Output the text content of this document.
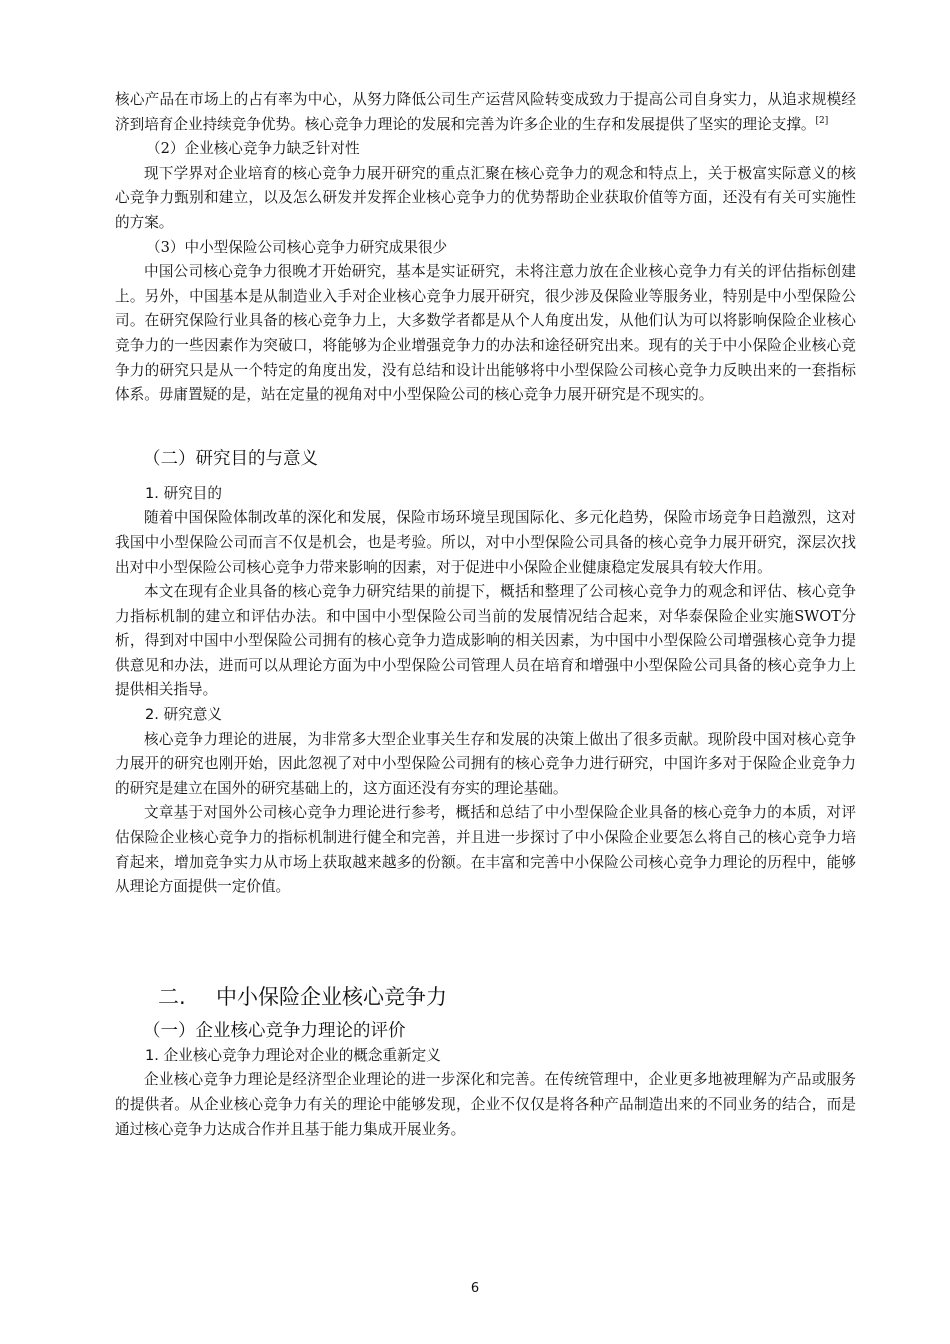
核心产品在市场上的占有率为中心，从努力降低公司生产运营风险转变成致力于提高公司自身实力，从追求规模经济到培育企业持续竞争优势。核心竞争力理论的发展和完善为许多企业的生存和发展提供了坚实的理论支撑。[2]

（2）企业核心竞争力缺乏针对性

现下学界对企业培育的核心竞争力展开研究的重点汇聚在核心竞争力的观念和特点上，关于极富实际意义的核心竞争力甄别和建立，以及怎么研发并发挥企业核心竞争力的优势帮助企业获取价值等方面，还没有有关可实施性的方案。

（3）中小型保险公司核心竞争力研究成果很少

中国公司核心竞争力很晚才开始研究，基本是实证研究，未将注意力放在企业核心竞争力有关的评估指标创建上。另外，中国基本是从制造业入手对企业核心竞争力展开研究，很少涉及保险业等服务业，特别是中小型保险公司。在研究保险行业具备的核心竞争力上，大多数学者都是从个人角度出发，从他们认为可以将影响保险企业核心竞争力的一些因素作为突破口，将能够为企业增强竞争力的办法和途径研究出来。现有的关于中小保险企业核心竞争力的研究只是从一个特定的角度出发，没有总结和设计出能够将中小型保险公司核心竞争力反映出来的一套指标体系。毋庸置疑的是，站在定量的视角对中小型保险公司的核心竞争力展开研究是不现实的。

（二）研究目的与意义

1. 研究目的

随着中国保险体制改革的深化和发展，保险市场环境呈现国际化、多元化趋势，保险市场竞争日趋激烈，这对我国中小型保险公司而言不仅是机会，也是考验。所以，对中小型保险公司具备的核心竞争力展开研究，深层次找出对中小型保险公司核心竞争力带来影响的因素，对于促进中小保险企业健康稳定发展具有较大作用。

本文在现有企业具备的核心竞争力研究结果的前提下，概括和整理了公司核心竞争力的观念和评估、核心竞争力指标机制的建立和评估办法。和中国中小型保险公司当前的发展情况结合起来，对华泰保险企业实施SWOT分析，得到对中国中小型保险公司拥有的核心竞争力造成影响的相关因素，为中国中小型保险公司增强核心竞争力提供意见和办法，进而可以从理论方面为中小型保险公司管理人员在培育和增强中小型保险公司具备的核心竞争力上提供相关指导。

2. 研究意义

核心竞争力理论的进展，为非常多大型企业事关生存和发展的决策上做出了很多贡献。现阶段中国对核心竞争力展开的研究也刚开始，因此忽视了对中小型保险公司拥有的核心竞争力进行研究，中国许多对于保险企业竞争力的研究是建立在国外的研究基础上的，这方面还没有夯实的理论基础。

文章基于对国外公司核心竞争力理论进行参考，概括和总结了中小型保险企业具备的核心竞争力的本质，对评估保险企业核心竞争力的指标机制进行健全和完善，并且进一步探讨了中小保险企业要怎么将自己的核心竞争力培育起来，增加竞争实力从市场上获取越来越多的份额。在丰富和完善中小保险公司核心竞争力理论的历程中，能够从理论方面提供一定价值。

二. 中小保险企业核心竞争力
（一）企业核心竞争力理论的评价

1. 企业核心竞争力理论对企业的概念重新定义

企业核心竞争力理论是经济型企业理论的进一步深化和完善。在传统管理中，企业更多地被理解为产品或服务的提供者。从企业核心竞争力有关的理论中能够发现，企业不仅仅是将各种产品制造出来的不同业务的结合，而是通过核心竞争力达成合作并且基于能力集成开展业务。

6
